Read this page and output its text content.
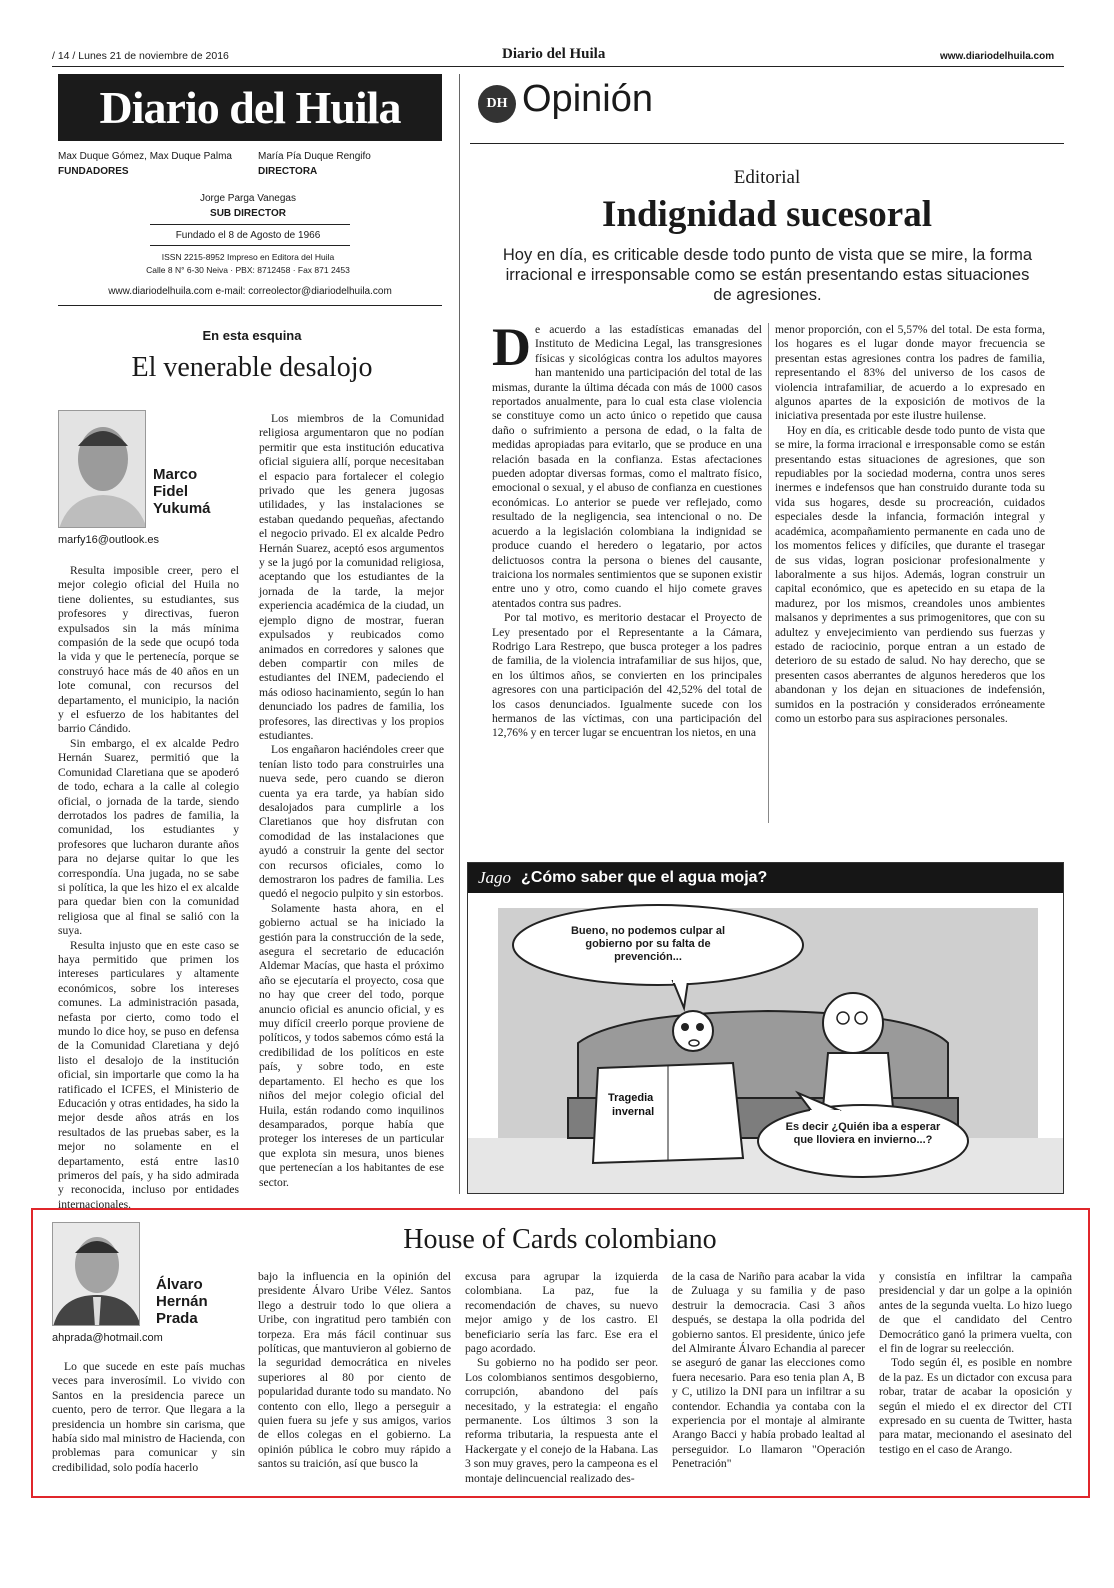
/ 14 / Lunes 21 de noviembre de 2016	Diario del Huila	www.diariodelhuila.com
Diario del Huila
Max Duque Gómez, Max Duque Palma
FUNDADORES
María Pía Duque Rengifo
DIRECTORA
Jorge Parga Vanegas
SUB DIRECTOR
Fundado el 8 de Agosto de 1966
ISSN 2215-8952 Impreso en Editora del Huila
Calle 8 N° 6-30 Neiva · PBX: 8712458 · Fax 871 2453
www.diariodelhuila.com e-mail: correolector@diariodelhuila.com
DH Opinión
Editorial
Indignidad sucesoral
Hoy en día, es criticable desde todo punto de vista que se mire, la forma irracional e irresponsable como se están presentando estas situaciones de agresiones.
D e acuerdo a las estadísticas emanadas del Instituto de Medicina Legal, las transgresiones físicas y sicológicas contra los adultos mayores han mantenido una participación del total de las mismas, durante la última década con más de 1000 casos reportados anualmente, para lo cual esta clase violencia se constituye como un acto único o repetido que causa daño o sufrimiento a persona de edad, o la falta de medidas apropiadas para evitarlo, que se produce en una relación basada en la confianza. Estas afectaciones pueden adoptar diversas formas, como el maltrato físico, emocional o sexual, y el abuso de confianza en cuestiones económicas. Lo anterior se puede ver reflejado, como resultado de la negligencia, sea intencional o no. De acuerdo a la legislación colombiana la indignidad se produce cuando el heredero o legatario, por actos delictuosos contra la persona o bienes del causante, traiciona los normales sentimientos que se suponen existir entre uno y otro, como cuando el hijo comete graves atentados contra sus padres.

Por tal motivo, es meritorio destacar el Proyecto de Ley presentado por el Representante a la Cámara, Rodrigo Lara Restrepo, que busca proteger a los padres de familia, de la violencia intrafamiliar de sus hijos, que, en los últimos años, se convierten en los principales agresores con una participación del 42,52% del total de los casos denunciados. Igualmente sucede con los hermanos de las víctimas, con una participación del 12,76% y en tercer lugar se encuentran los nietos, en una

menor proporción, con el 5,57% del total. De esta forma, los hogares es el lugar donde mayor frecuencia se presentan estas agresiones contra los padres de familia, representando el 83% del universo de los casos de violencia intrafamiliar, de acuerdo a lo expresado en algunos apartes de la exposición de motivos de la iniciativa presentada por este ilustre huilense.

Hoy en día, es criticable desde todo punto de vista que se mire, la forma irracional e irresponsable como se están presentando estas situaciones de agresiones, que son repudiables por la sociedad moderna, contra unos seres inermes e indefensos que han construido durante toda su vida sus hogares, desde su procreación, cuidados especiales desde la infancia, formación integral y académica, acompañamiento permanente en cada uno de los momentos felices y difíciles, que durante el trasegar de sus vidas, logran posicionar profesionalmente y laboralmente a sus hijos. Además, logran construir un capital económico, que es apetecido en su etapa de la madurez, por los mismos, creandoles unos ambientes malsanos y deprimentes a sus primogenitores, que con su adultez y envejecimiento van perdiendo sus fuerzas y estado de raciocinio, porque entran a un estado de deterioro de su estado de salud. No hay derecho, que se presenten casos aberrantes de algunos herederos que los abandonan y los dejan en situaciones de indefensión, sumidos en la postración y considerados erróneamente como un estorbo para sus aspiraciones personales.

Jago ¿Cómo saber que el agua moja?
Tragedia
invernal
Bueno, no podemos culpar al gobierno por su falta de prevención...
Es decir ¿Quién iba a esperar que lloviera en invierno...?
En esta esquina
El venerable desalojo
Marco Fidel Yukumá
marfy16@outlook.es

Resulta imposible creer, pero el mejor colegio oficial del Huila no tiene dolientes, su estudiantes, sus profesores y directivas, fueron expulsados sin la más mínima compasión de la sede que ocupó toda la vida y que le pertenecía, porque se construyó hace más de 40 años en un lote comunal, con recursos del departamento, el municipio, la nación y el esfuerzo de los habitantes del barrio Cándido.

Sin embargo, el ex alcalde Pedro Hernán Suarez, permitió que la Comunidad Claretiana que se apoderó de todo, echara a la calle al colegio oficial, o jornada de la tarde, siendo derrotados los padres de familia, la comunidad, los estudiantes y profesores que lucharon durante años para no dejarse quitar lo que les correspondía. Una jugada, no se sabe si política, la que les hizo el ex alcalde para quedar bien con la comunidad religiosa que al final se salió con la suya.

Resulta injusto que en este caso se haya permitido que primen los intereses particulares y altamente económicos, sobre los intereses comunes. La administración pasada, nefasta por cierto, como todo el mundo lo dice hoy, se puso en defensa de la Comunidad Claretiana y dejó listo el desalojo de la institución oficial, sin importarle que como la ha ratificado el ICFES, el Ministerio de Educación y otras entidades, ha sido la mejor desde años atrás en los resultados de las pruebas saber, es la mejor no solamente en el departamento, está entre las10 primeros del país, y ha sido admirada y reconocida, incluso por entidades internacionales.

Los miembros de la Comunidad religiosa argumentaron que no podían permitir que esta institución educativa oficial siguiera allí, porque necesitaban el espacio para fortalecer el colegio privado que les genera jugosas utilidades, y las instalaciones se estaban quedando pequeñas, afectando el negocio privado. El ex alcalde Pedro Hernán Suarez, aceptó esos argumentos y se la jugó por la comunidad religiosa, aceptando que los estudiantes de la jornada de la tarde, la mejor experiencia académica de la ciudad, un ejemplo digno de mostrar, fueran expulsados y reubicados como animados en corredores y salones que deben compartir con miles de estudiantes del INEM, padeciendo el más odioso hacinamiento, según lo han denunciado los padres de familia, los profesores, las directivas y los propios estudiantes.

Los engañaron haciéndoles creer que tenían listo todo para construirles una nueva sede, pero cuando se dieron cuenta ya era tarde, ya habían sido desalojados para cumplirle a los Claretianos que hoy disfrutan con comodidad de las instalaciones que ayudó a construir la gente del sector con recursos oficiales, como lo demostraron los padres de familia. Les quedó el negocio pulpito y sin estorbos.

Solamente hasta ahora, en el gobierno actual se ha iniciado la gestión para la construcción de la sede, asegura el secretario de educación Aldemar Macías, que hasta el próximo año se ejecutaría el proyecto, cosa que no hay que creer del todo, porque anuncio oficial es anuncio oficial, y es muy difícil creerlo porque proviene de políticos, y todos sabemos cómo está la credibilidad de los políticos en este país, y sobre todo, en este departamento. El hecho es que los niños del mejor colegio oficial del Huila, están rodando como inquilinos desamparados, porque había que proteger los intereses de un particular que explota sin mesura, unos bienes que pertenecían a los habitantes de ese sector.

House of Cards colombiano
Álvaro Hernán Prada
ahprada@hotmail.com

Lo que sucede en este país muchas veces para inverosímil. Lo vivido con Santos en la presidencia parece un cuento, pero de terror. Que llegara a la presidencia un hombre sin carisma, que había sido mal ministro de Hacienda, con problemas para comunicar y sin credibilidad, solo podía hacerlo

bajo la influencia en la opinión del presidente Álvaro Uribe Vélez. Santos llego a destruir todo lo que oliera a Uribe, con ingratitud pero también con torpeza. Era más fácil continuar sus políticas, que mantuvieron al gobierno de la seguridad democrática en niveles superiores al 80 por ciento de popularidad durante todo su mandato. No contento con ello, llego a perseguir a quien fuera su jefe y sus amigos, varios de ellos colegas en el gobierno. La opinión pública le cobro muy rápido a santos su traición, así que busco la

excusa para agrupar la izquierda colombiana. La paz, fue la recomendación de chaves, su nuevo mejor amigo y de los castro. El beneficiario sería las farc. Ese era el pago acordado.

Su gobierno no ha podido ser peor. Los colombianos sentimos desgobierno, corrupción, abandono del país necesitado, y la estrategia: el engaño permanente. Los últimos 3 son la reforma tributaria, la respuesta ante el Hackergate y el conejo de la Habana. Las 3 son muy graves, pero la campeona es el montaje delincuencial realizado des-

de la casa de Nariño para acabar la vida de Zuluaga y su familia y de paso destruir la democracia. Casi 3 años después, se destapa la olla podrida del gobierno santos. El presidente, único jefe del Almirante Álvaro Echandia al parecer se aseguró de ganar las elecciones como fuera necesario. Para eso tenia plan A, B y C, utilizo la DNI para un infiltrar a su contendor. Echandia ya contaba con la experiencia por el montaje al almirante Arango Bacci y había probado lealtad al perseguidor. Lo llamaron "Operación Penetración"

y consistía en infiltrar la campaña presidencial y dar un golpe a la opinión antes de la segunda vuelta. Lo hizo luego de que el candidato del Centro Democrático ganó la primera vuelta, con el fin de lograr su reelección.

Todo según él, es posible en nombre de la paz. Es un dictador con excusa para robar, tratar de acabar la oposición y según el miedo el ex director del CTI expresado en su cuenta de Twitter, hasta para matar, mecionando el asesinato del testigo en el caso de Arango.
